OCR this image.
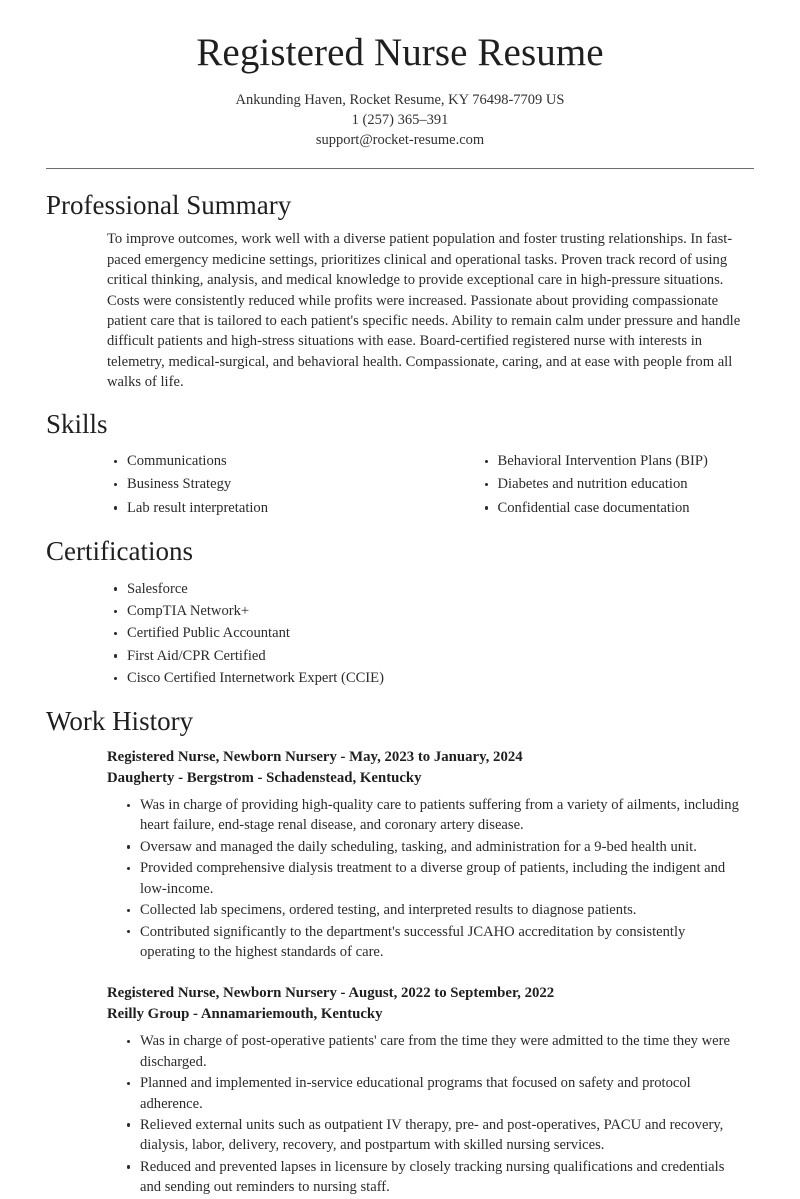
Registered Nurse Resume

Ankunding Haven, Rocket Resume, KY 76498-7709 US

1 (257) 365–391

support@rocket-resume.com

Professional Summary

To improve outcomes, work well with a diverse patient population and foster trusting relationships. In fast-paced emergency medicine settings, prioritizes clinical and operational tasks. Proven track record of using critical thinking, analysis, and medical knowledge to provide exceptional care in high-pressure situations. Costs were consistently reduced while profits were increased. Passionate about providing compassionate patient care that is tailored to each patient's specific needs. Ability to remain calm under pressure and handle difficult patients and high-stress situations with ease. Board-certified registered nurse with interests in telemetry, medical-surgical, and behavioral health. Compassionate, caring, and at ease with people from all walks of life.

Skills
Communications
Business Strategy
Lab result interpretation
Behavioral Intervention Plans (BIP)
Diabetes and nutrition education
Confidential case documentation
Certifications
Salesforce
CompTIA Network+
Certified Public Accountant
First Aid/CPR Certified
Cisco Certified Internetwork Expert (CCIE)
Work History
Registered Nurse, Newborn Nursery - May, 2023 to January, 2024
Daugherty - Bergstrom - Schadenstead, Kentucky
Was in charge of providing high-quality care to patients suffering from a variety of ailments, including heart failure, end-stage renal disease, and coronary artery disease.
Oversaw and managed the daily scheduling, tasking, and administration for a 9-bed health unit.
Provided comprehensive dialysis treatment to a diverse group of patients, including the indigent and low-income.
Collected lab specimens, ordered testing, and interpreted results to diagnose patients.
Contributed significantly to the department's successful JCAHO accreditation by consistently operating to the highest standards of care.
Registered Nurse, Newborn Nursery - August, 2022 to September, 2022
Reilly Group - Annamariemouth, Kentucky
Was in charge of post-operative patients' care from the time they were admitted to the time they were discharged.
Planned and implemented in-service educational programs that focused on safety and protocol adherence.
Relieved external units such as outpatient IV therapy, pre- and post-operatives, PACU and recovery, dialysis, labor, delivery, recovery, and postpartum with skilled nursing services.
Reduced and prevented lapses in licensure by closely tracking nursing qualifications and credentials and sending out reminders to nursing staff.
